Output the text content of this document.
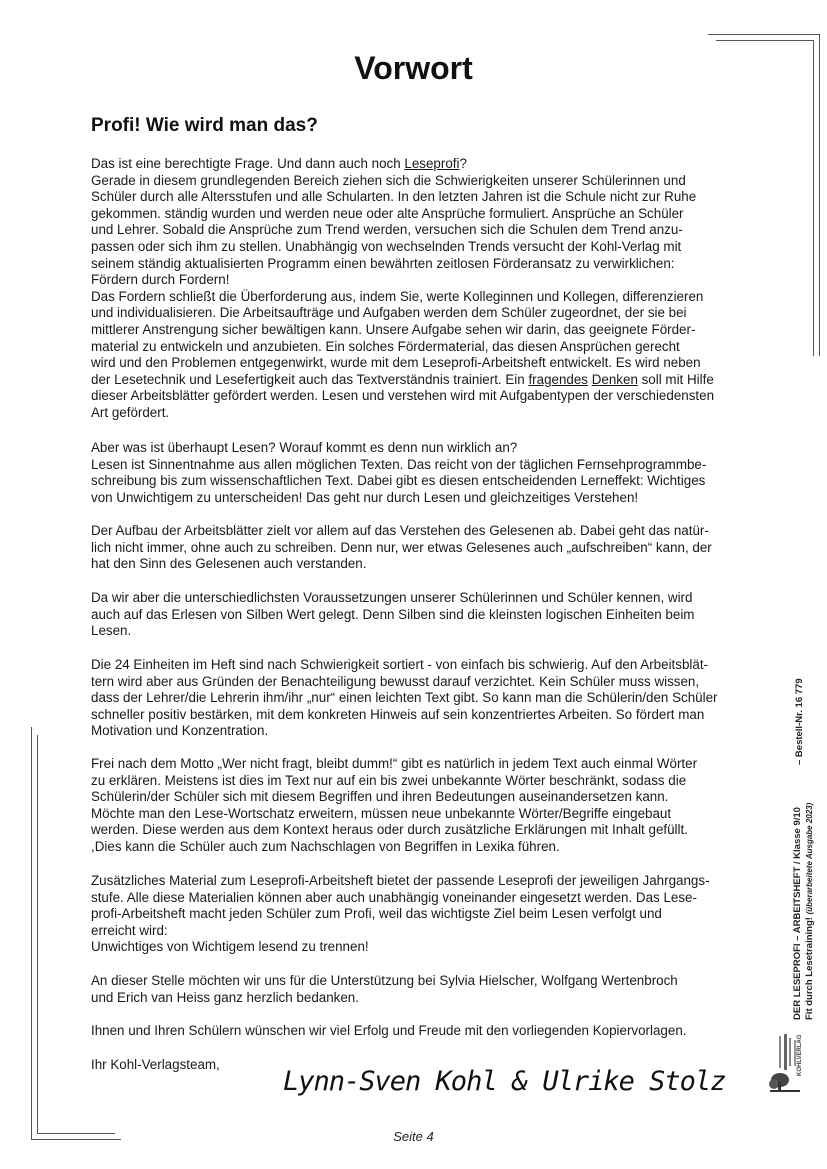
Vorwort
Profi! Wie wird man das?
Das ist eine berechtigte Frage. Und dann auch noch Leseprofi?
Gerade in diesem grundlegenden Bereich ziehen sich die Schwierigkeiten unserer Schülerinnen und
Schüler durch alle Altersstufen und alle Schularten. In den letzten Jahren ist die Schule nicht zur Ruhe
gekommen. ständig wurden und werden neue oder alte Ansprüche formuliert. Ansprüche an Schüler
und Lehrer. Sobald die Ansprüche zum Trend werden, versuchen sich die Schulen dem Trend anzu-
passen oder sich ihm zu stellen. Unabhängig von wechselnden Trends versucht der Kohl-Verlag mit
seinem ständig aktualisierten Programm einen bewährten zeitlosen Förderansatz zu verwirklichen:
Fördern durch Fordern!
Das Fordern schließt die Überforderung aus, indem Sie, werte Kolleginnen und Kollegen, differenzieren
und individualisieren. Die Arbeitsaufträge und Aufgaben werden dem Schüler zugeordnet, der sie bei
mittlerer Anstrengung sicher bewältigen kann. Unsere Aufgabe sehen wir darin, das geeignete Förder-
material zu entwickeln und anzubieten. Ein solches Fördermaterial, das diesen Ansprüchen gerecht
wird und den Problemen entgegenwirkt, wurde mit dem Leseprofi-Arbeitsheft entwickelt. Es wird neben
der Lesetechnik und Lesefertigkeit auch das Textverständnis trainiert. Ein fragendes Denken soll mit Hilfe
dieser Arbeitsblätter gefördert werden. Lesen und verstehen wird mit Aufgabentypen der verschiedensten
Art gefördert.
Aber was ist überhaupt Lesen? Worauf kommt es denn nun wirklich an?
Lesen ist Sinnentnahme aus allen möglichen Texten. Das reicht von der täglichen Fernsehprogrammbe-
schreibung bis zum wissenschaftlichen Text. Dabei gibt es diesen entscheidenden Lerneffekt: Wichtiges
von Unwichtigem zu unterscheiden! Das geht nur durch Lesen und gleichzeitiges Verstehen!
Der Aufbau der Arbeitsblätter zielt vor allem auf das Verstehen des Gelesenen ab. Dabei geht das natür-
lich nicht immer, ohne auch zu schreiben. Denn nur, wer etwas Gelesenes auch „aufschreiben“ kann, der
hat den Sinn des Gelesenen auch verstanden.
Da wir aber die unterschiedlichsten Voraussetzungen unserer Schülerinnen und Schüler kennen, wird
auch auf das Erlesen von Silben Wert gelegt. Denn Silben sind die kleinsten logischen Einheiten beim
Lesen.
Die 24 Einheiten im Heft sind nach Schwierigkeit sortiert - von einfach bis schwierig. Auf den Arbeitsblät-
tern wird aber aus Gründen der Benachteiligung bewusst darauf verzichtet. Kein Schüler muss wissen,
dass der Lehrer/die Lehrerin ihm/ihr „nur“ einen leichten Text gibt. So kann man die Schülerin/den Schüler
schneller positiv bestärken, mit dem konkreten Hinweis auf sein konzentriertes Arbeiten. So fördert man
Motivation und Konzentration.
Frei nach dem Motto „Wer nicht fragt, bleibt dumm!“ gibt es natürlich in jedem Text auch einmal Wörter
zu erklären. Meistens ist dies im Text nur auf ein bis zwei unbekannte Wörter beschränkt, sodass die
Schülerin/der Schüler sich mit diesem Begriffen und ihren Bedeutungen auseinandersetzen kann.
Möchte man den Lese-Wortschatz erweitern, müssen neue unbekannte Wörter/Begriffe eingebaut
werden. Diese werden aus dem Kontext heraus oder durch zusätzliche Erklärungen mit Inhalt gefüllt.
,Dies kann die Schüler auch zum Nachschlagen von Begriffen in Lexika führen.
Zusätzliches Material zum Leseprofi-Arbeitsheft bietet der passende Leseprofi der jeweiligen Jahrgangs-
stufe. Alle diese Materialien können aber auch unabhängig voneinander eingesetzt werden. Das Lese-
profi-Arbeitsheft macht jeden Schüler zum Profi, weil das wichtigste Ziel beim Lesen verfolgt und
erreicht wird:
Unwichtiges von Wichtigem lesend zu trennen!
An dieser Stelle möchten wir uns für die Unterstützung bei Sylvia Hielscher, Wolfgang Wertenbroch
und Erich van Heiss ganz herzlich bedanken.
Ihnen und Ihren Schülern wünschen wir viel Erfolg und Freude mit den vorliegenden Kopiervorlagen.
Ihr Kohl-Verlagsteam,
Lynn-Sven Kohl & Ulrike Stolz
Seite 4
DER LESEPROFI – ARBEITSHEFT / Klasse 9/10 Fit durch Lesetraining! (überarbeitete Ausgabe 2023)
– Bestell-Nr. 16 779
KOHLVERLAG
